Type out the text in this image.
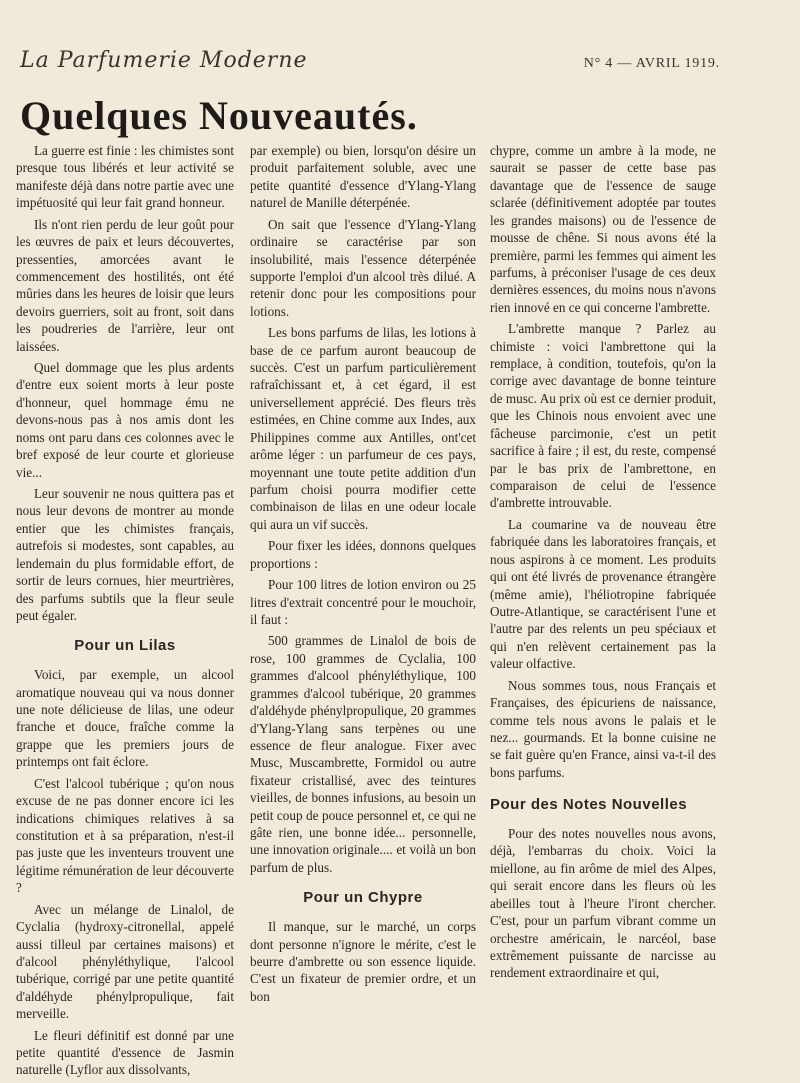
La Parfumerie Moderne	N° 4 — AVRIL 1919.
Quelques Nouveautés.

La guerre est finie : les chimistes sont presque tous libérés et leur activité se manifeste déjà dans notre partie avec une impétuosité qui leur fait grand honneur.

Ils n'ont rien perdu de leur goût pour les œuvres de paix et leurs découvertes, pressenties, amorcées avant le commencement des hostilités, ont été mûries dans les heures de loisir que leurs devoirs guerriers, soit au front, soit dans les poudreries de l'arrière, leur ont laissées.

Quel dommage que les plus ardents d'entre eux soient morts à leur poste d'honneur, quel hommage ému ne devons-nous pas à nos amis dont les noms ont paru dans ces colonnes avec le bref exposé de leur courte et glorieuse vie...

Leur souvenir ne nous quittera pas et nous leur devons de montrer au monde entier que les chimistes français, autrefois si modestes, sont capables, au lendemain du plus formidable effort, de sortir de leurs cornues, hier meurtrières, des parfums subtils que la fleur seule peut égaler.

Pour un Lilas

Voici, par exemple, un alcool aromatique nouveau qui va nous donner une note délicieuse de lilas, une odeur franche et douce, fraîche comme la grappe que les premiers jours de printemps ont fait éclore.

C'est l'alcool tubérique ; qu'on nous excuse de ne pas donner encore ici les indications chimiques relatives à sa constitution et à sa préparation, n'est-il pas juste que les inventeurs trouvent une légitime rémunération de leur découverte ?

Avec un mélange de Linalol, de Cyclalia (hydroxy-citronellal, appelé aussi tilleul par certaines maisons) et d'alcool phényléthylique, l'alcool tubérique, corrigé par une petite quantité d'aldéhyde phénylpropulique, fait merveille.

Le fleuri définitif est donné par une petite quantité d'essence de Jasmin naturelle (Lyflor aux dissolvants,

par exemple) ou bien, lorsqu'on désire un produit parfaitement soluble, avec une petite quantité d'essence d'Ylang-Ylang naturel de Manille déterpénée.

On sait que l'essence d'Ylang-Ylang ordinaire se caractérise par son insolubilité, mais l'essence déterpénée supporte l'emploi d'un alcool très dilué. A retenir donc pour les compositions pour lotions.

Les bons parfums de lilas, les lotions à base de ce parfum auront beaucoup de succès. C'est un parfum particulièrement rafraîchissant et, à cet égard, il est universellement apprécié. Des fleurs très estimées, en Chine comme aux Indes, aux Philippines comme aux Antilles, ont'cet arôme léger : un parfumeur de ces pays, moyennant une toute petite addition d'un parfum choisi pourra modifier cette combinaison de lilas en une odeur locale qui aura un vif succès.

Pour fixer les idées, donnons quelques proportions :

Pour 100 litres de lotion environ ou 25 litres d'extrait concentré pour le mouchoir, il faut :

500 grammes de Linalol de bois de rose, 100 grammes de Cyclalia, 100 grammes d'alcool phényléthylique, 100 grammes d'alcool tubérique, 20 grammes d'aldéhyde phénylpropulique, 20 grammes d'Ylang-Ylang sans terpènes ou une essence de fleur analogue. Fixer avec Musc, Muscambrette, Formidol ou autre fixateur cristallisé, avec des teintures vieilles, de bonnes infusions, au besoin un petit coup de pouce personnel et, ce qui ne gâte rien, une bonne idée... personnelle, une innovation originale.... et voilà un bon parfum de plus.

Pour un Chypre

Il manque, sur le marché, un corps dont personne n'ignore le mérite, c'est le beurre d'ambrette ou son essence liquide. C'est un fixateur de premier ordre, et un bon

chypre, comme un ambre à la mode, ne saurait se passer de cette base pas davantage que de l'essence de sauge sclarée (définitivement adoptée par toutes les grandes maisons) ou de l'essence de mousse de chêne. Si nous avons été la première, parmi les femmes qui aiment les parfums, à préconiser l'usage de ces deux dernières essences, du moins nous n'avons rien innové en ce qui concerne l'ambrette.

L'ambrette manque ? Parlez au chimiste : voici l'ambrettone qui la remplace, à condition, toutefois, qu'on la corrige avec davantage de bonne teinture de musc. Au prix où est ce dernier produit, que les Chinois nous envoient avec une fâcheuse parcimonie, c'est un petit sacrifice à faire ; il est, du reste, compensé par le bas prix de l'ambrettone, en comparaison de celui de l'essence d'ambrette introuvable.

La coumarine va de nouveau être fabriquée dans les laboratoires français, et nous aspirons à ce moment. Les produits qui ont été livrés de provenance étrangère (même amie), l'héliotropine fabriquée Outre-Atlantique, se caractérisent l'une et l'autre par des relents un peu spéciaux et qui n'en relèvent certainement pas la valeur olfactive.

Nous sommes tous, nous Français et Françaises, des épicuriens de naissance, comme tels nous avons le palais et le nez... gourmands. Et la bonne cuisine ne se fait guère qu'en France, ainsi va-t-il des bons parfums.

Pour des Notes Nouvelles

Pour des notes nouvelles nous avons, déjà, l'embarras du choix. Voici la miellone, au fin arôme de miel des Alpes, qui serait encore dans les fleurs où les abeilles tout à l'heure l'iront chercher. C'est, pour un parfum vibrant comme un orchestre américain, le narcéol, base extrêmement puissante de narcisse au rendement extraordinaire et qui,
